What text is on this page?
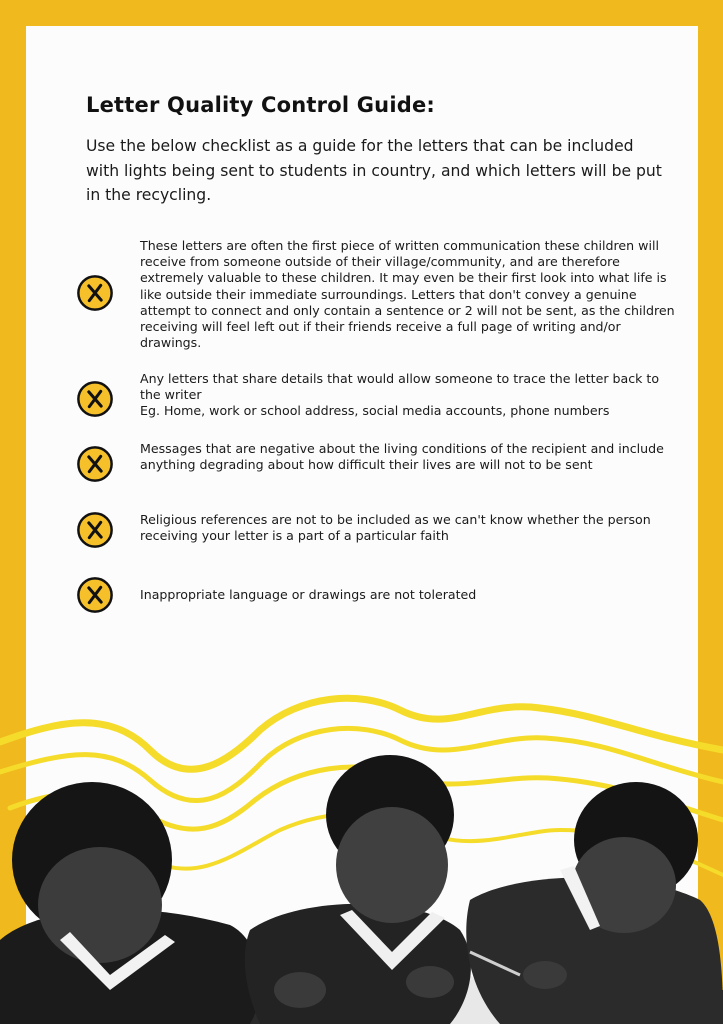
Letter Quality Control Guide:

Use the below checklist as a guide for the letters that can be included with lights being sent to students in country, and which letters will be put in the recycling.

These letters are often the first piece of written communication these children will receive from someone outside of their village/community, and are therefore extremely valuable to these children. It may even be their first look into what life is like outside their immediate surroundings. Letters that don't convey a genuine attempt to connect and only contain a sentence or 2 will not be sent, as the children receiving will feel left out if their friends receive a full page of writing and/or drawings.

Any letters that share details that would allow someone to trace the letter back to the writer
Eg. Home, work or school address, social media accounts, phone numbers

Messages that are negative about the living conditions of the recipient and include anything degrading about how difficult their lives are will not to be sent

Religious references are not to be included as we can't know whether the person receiving your letter is a part of a particular faith

Inappropriate language or drawings are not tolerated
